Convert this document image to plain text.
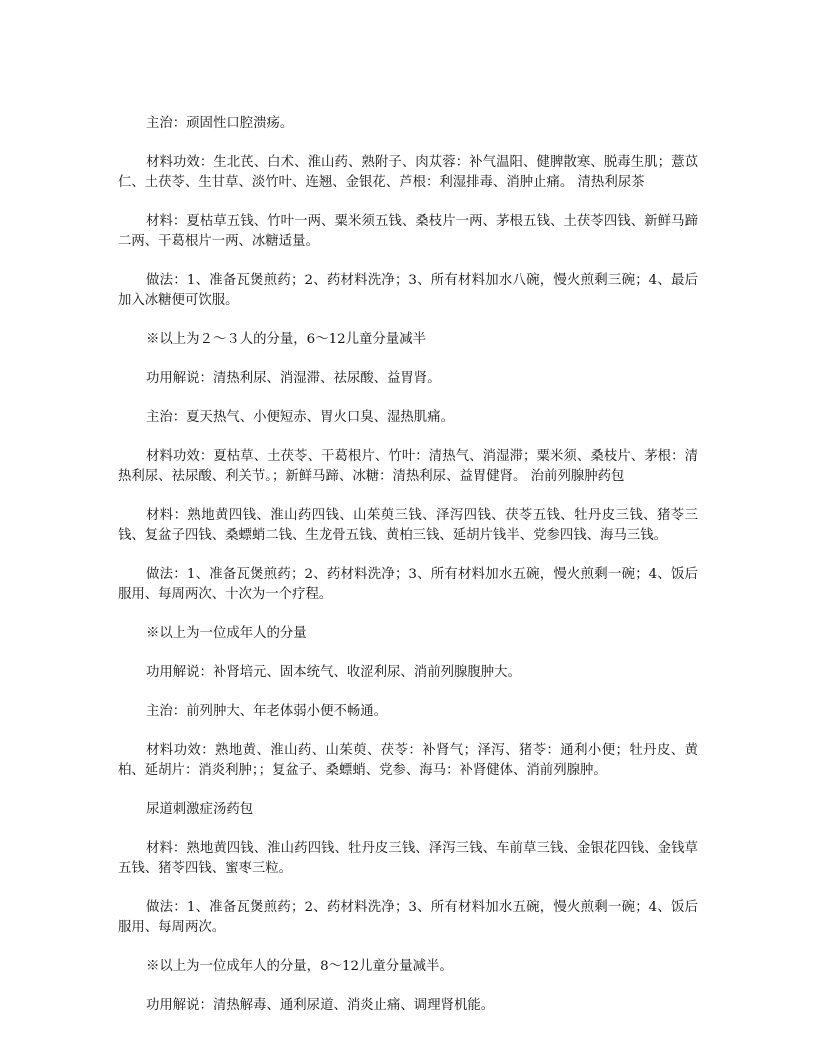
主治：顽固性口腔溃疡。

材料功效：生北芪、白术、淮山药、熟附子、肉苁蓉：补气温阳、健脾散寒、脱毒生肌；薏苡仁、土茯苓、生甘草、淡竹叶、连翘、金银花、芦根：利湿排毒、消肿止痛。 清热利尿茶

材料：夏枯草五钱、竹叶一两、粟米须五钱、桑枝片一两、茅根五钱、土茯苓四钱、新鲜马蹄二两、干葛根片一两、冰糖适量。

做法：1、准备瓦煲煎药；2、药材料洗净；3、所有材料加水八碗，慢火煎剩三碗；4、最后加入冰糖便可饮服。

※以上为２～３人的分量，6～12儿童分量减半

功用解说：清热利尿、消湿滞、祛尿酸、益胃肾。

主治：夏天热气、小便短赤、胃火口臭、湿热肌痛。

材料功效：夏枯草、土茯苓、干葛根片、竹叶：清热气、消湿滞；粟米须、桑枝片、茅根：清热利尿、祛尿酸、利关节。；新鲜马蹄、冰糖：清热利尿、益胃健肾。 治前列腺肿药包

材料：熟地黄四钱、淮山药四钱、山茱萸三钱、泽泻四钱、茯苓五钱、牡丹皮三钱、猪苓三钱、复盆子四钱、桑螵蛸二钱、生龙骨五钱、黄柏三钱、延胡片钱半、党参四钱、海马三钱。

做法：1、准备瓦煲煎药；2、药材料洗净；3、所有材料加水五碗，慢火煎剩一碗；4、饭后服用、每周两次、十次为一个疗程。

※以上为一位成年人的分量

功用解说：补肾培元、固本统气、收涩利尿、消前列腺腹肿大。

主治：前列肿大、年老体弱小便不畅通。

材料功效：熟地黄、淮山药、山茱萸、茯苓：补肾气；泽泻、猪苓：通利小便；牡丹皮、黄柏、延胡片：消炎利肿；；复盆子、桑螵蛸、党参、海马：补肾健体、消前列腺肿。

尿道刺激症汤药包

材料：熟地黄四钱、淮山药四钱、牡丹皮三钱、泽泻三钱、车前草三钱、金银花四钱、金钱草五钱、猪苓四钱、蜜枣三粒。

做法：1、准备瓦煲煎药；2、药材料洗净；3、所有材料加水五碗，慢火煎剩一碗；4、饭后服用、每周两次。

※以上为一位成年人的分量，8～12儿童分量减半。

功用解说：清热解毒、通利尿道、消炎止痛、调理肾机能。
